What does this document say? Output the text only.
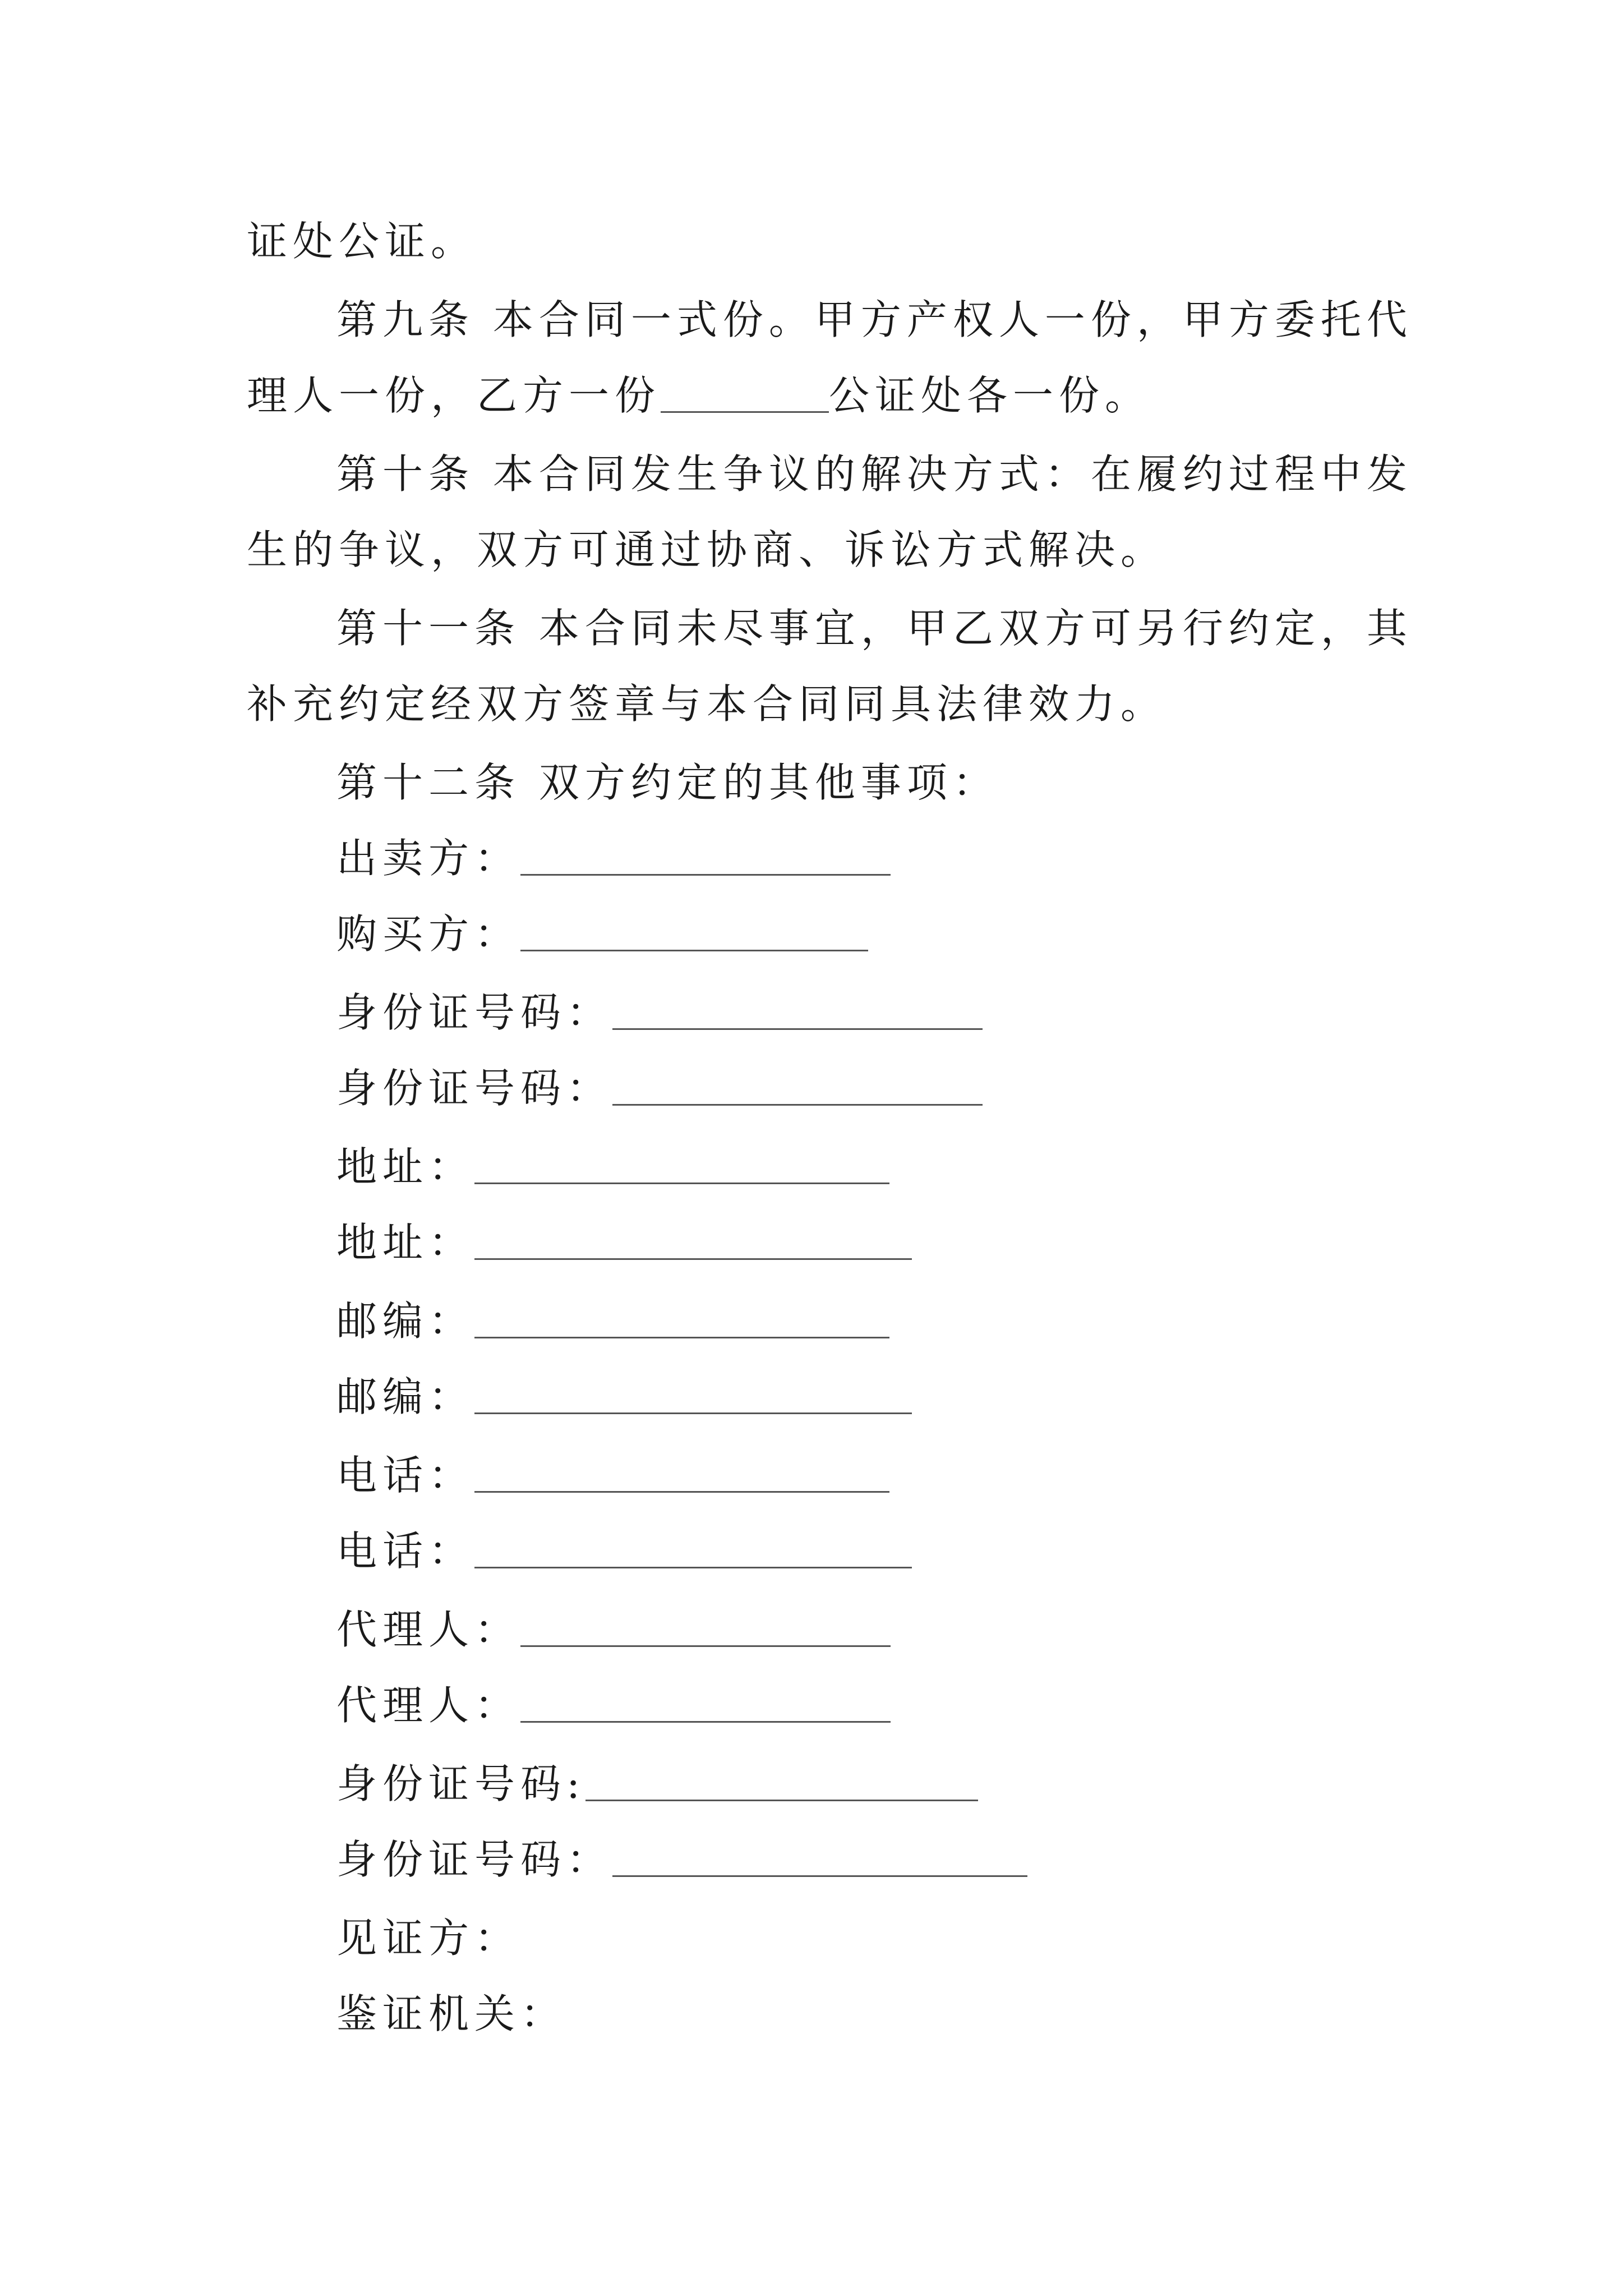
证处公证。
第九条 本合同一式份。甲方产权人一份，甲方委托代
理人一份，乙方一份	公证处各一份。
第十条 本合同发生争议的解决方式：在履约过程中发
生的争议，双方可通过协商、诉讼方式解决。
第十一条 本合同未尽事宜，甲乙双方可另行约定，其
补充约定经双方签章与本合同同具法律效力。
第十二条 双方约定的其他事项：
出卖方：
购买方：
身份证号码：
身份证号码：
地址：
地址：
邮编：
邮编：
电话：
电话：
代理人：
代理人：
身份证号码:
身份证号码：
见证方：
鉴证机关：
